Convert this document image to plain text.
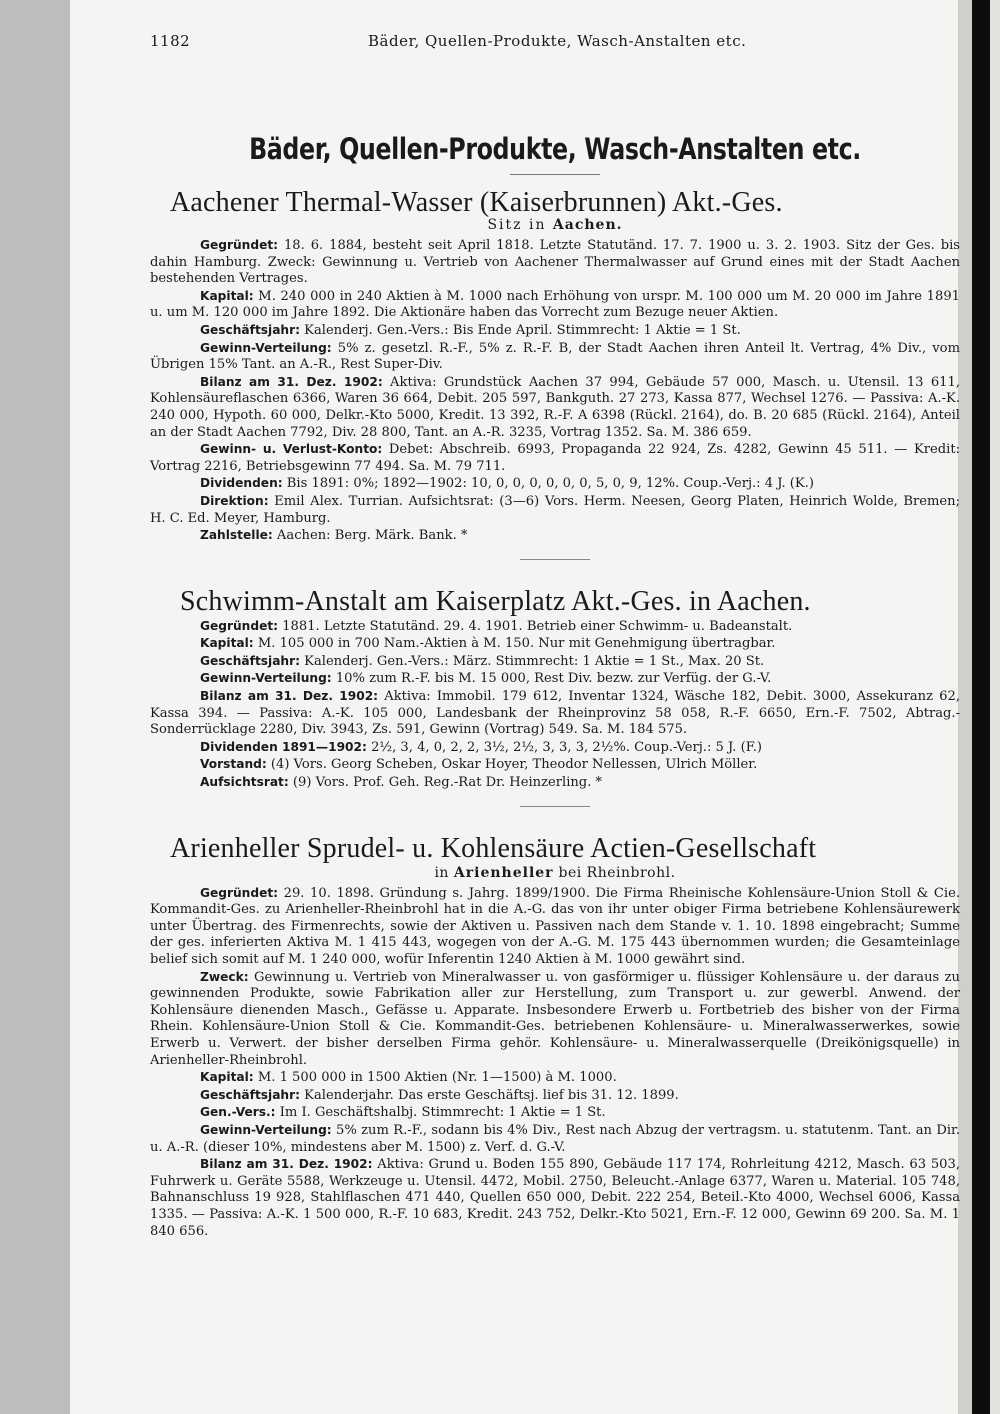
1182	Bäder, Quellen-Produkte, Wasch-Anstalten etc.
Bäder, Quellen-Produkte, Wasch-Anstalten etc.
Aachener Thermal-Wasser (Kaiserbrunnen) Akt.-Ges.
Sitz in Aachen.

Gegründet: 18. 6. 1884, besteht seit April 1818. Letzte Statutänd. 17. 7. 1900 u. 3. 2. 1903. Sitz der Ges. bis dahin Hamburg. Zweck: Gewinnung u. Vertrieb von Aachener Thermalwasser auf Grund eines mit der Stadt Aachen bestehenden Vertrages.

Kapital: M. 240 000 in 240 Aktien à M. 1000 nach Erhöhung von urspr. M. 100 000 um M. 20 000 im Jahre 1891 u. um M. 120 000 im Jahre 1892. Die Aktionäre haben das Vorrecht zum Bezuge neuer Aktien.

Geschäftsjahr: Kalenderj. Gen.-Vers.: Bis Ende April. Stimmrecht: 1 Aktie = 1 St.

Gewinn-Verteilung: 5% z. gesetzl. R.-F., 5% z. R.-F. B, der Stadt Aachen ihren Anteil lt. Vertrag, 4% Div., vom Übrigen 15% Tant. an A.-R., Rest Super-Div.

Bilanz am 31. Dez. 1902: Aktiva: Grundstück Aachen 37 994, Gebäude 57 000, Masch. u. Utensil. 13 611, Kohlensäureflaschen 6366, Waren 36 664, Debit. 205 597, Bankguth. 27 273, Kassa 877, Wechsel 1276. — Passiva: A.-K. 240 000, Hypoth. 60 000, Delkr.-Kto 5000, Kredit. 13 392, R.-F. A 6398 (Rückl. 2164), do. B. 20 685 (Rückl. 2164), Anteil an der Stadt Aachen 7792, Div. 28 800, Tant. an A.-R. 3235, Vortrag 1352. Sa. M. 386 659.

Gewinn- u. Verlust-Konto: Debet: Abschreib. 6993, Propaganda 22 924, Zs. 4282, Gewinn 45 511. — Kredit: Vortrag 2216, Betriebsgewinn 77 494. Sa. M. 79 711.

Dividenden: Bis 1891: 0%; 1892—1902: 10, 0, 0, 0, 0, 0, 0, 5, 0, 9, 12%. Coup.-Verj.: 4 J. (K.)

Direktion: Emil Alex. Turrian. Aufsichtsrat: (3—6) Vors. Herm. Neesen, Georg Platen, Heinrich Wolde, Bremen; H. C. Ed. Meyer, Hamburg.

Zahlstelle: Aachen: Berg. Märk. Bank. *

Schwimm-Anstalt am Kaiserplatz Akt.-Ges. in Aachen.

Gegründet: 1881. Letzte Statutänd. 29. 4. 1901. Betrieb einer Schwimm- u. Badeanstalt.

Kapital: M. 105 000 in 700 Nam.-Aktien à M. 150. Nur mit Genehmigung übertragbar.

Geschäftsjahr: Kalenderj. Gen.-Vers.: März. Stimmrecht: 1 Aktie = 1 St., Max. 20 St.

Gewinn-Verteilung: 10% zum R.-F. bis M. 15 000, Rest Div. bezw. zur Verfüg. der G.-V.

Bilanz am 31. Dez. 1902: Aktiva: Immobil. 179 612, Inventar 1324, Wäsche 182, Debit. 3000, Assekuranz 62, Kassa 394. — Passiva: A.-K. 105 000, Landesbank der Rheinprovinz 58 058, R.-F. 6650, Ern.-F. 7502, Abtrag.-Sonderrücklage 2280, Div. 3943, Zs. 591, Gewinn (Vortrag) 549. Sa. M. 184 575.

Dividenden 1891—1902: 2½, 3, 4, 0, 2, 2, 3½, 2½, 3, 3, 3, 2½%. Coup.-Verj.: 5 J. (F.)

Vorstand: (4) Vors. Georg Scheben, Oskar Hoyer, Theodor Nellessen, Ulrich Möller.

Aufsichtsrat: (9) Vors. Prof. Geh. Reg.-Rat Dr. Heinzerling. *

Arienheller Sprudel- u. Kohlensäure Actien-Gesellschaft
in Arienheller bei Rheinbrohl.

Gegründet: 29. 10. 1898. Gründung s. Jahrg. 1899/1900. Die Firma Rheinische Kohlensäure-Union Stoll & Cie. Kommandit-Ges. zu Arienheller-Rheinbrohl hat in die A.-G. das von ihr unter obiger Firma betriebene Kohlensäurewerk unter Übertrag. des Firmenrechts, sowie der Aktiven u. Passiven nach dem Stande v. 1. 10. 1898 eingebracht; Summe der ges. inferierten Aktiva M. 1 415 443, wogegen von der A.-G. M. 175 443 übernommen wurden; die Gesamteinlage belief sich somit auf M. 1 240 000, wofür Inferentin 1240 Aktien à M. 1000 gewährt sind.

Zweck: Gewinnung u. Vertrieb von Mineralwasser u. von gasförmiger u. flüssiger Kohlensäure u. der daraus zu gewinnenden Produkte, sowie Fabrikation aller zur Herstellung, zum Transport u. zur gewerbl. Anwend. der Kohlensäure dienenden Masch., Gefässe u. Apparate. Insbesondere Erwerb u. Fortbetrieb des bisher von der Firma Rhein. Kohlensäure-Union Stoll & Cie. Kommandit-Ges. betriebenen Kohlensäure- u. Mineralwasserwerkes, sowie Erwerb u. Verwert. der bisher derselben Firma gehör. Kohlensäure- u. Mineralwasserquelle (Dreikönigsquelle) in Arienheller-Rheinbrohl.

Kapital: M. 1 500 000 in 1500 Aktien (Nr. 1—1500) à M. 1000.

Geschäftsjahr: Kalenderjahr. Das erste Geschäftsj. lief bis 31. 12. 1899.

Gen.-Vers.: Im I. Geschäftshalbj. Stimmrecht: 1 Aktie = 1 St.

Gewinn-Verteilung: 5% zum R.-F., sodann bis 4% Div., Rest nach Abzug der vertragsm. u. statutenm. Tant. an Dir. u. A.-R. (dieser 10%, mindestens aber M. 1500) z. Verf. d. G.-V.

Bilanz am 31. Dez. 1902: Aktiva: Grund u. Boden 155 890, Gebäude 117 174, Rohrleitung 4212, Masch. 63 503, Fuhrwerk u. Geräte 5588, Werkzeuge u. Utensil. 4472, Mobil. 2750, Beleucht.-Anlage 6377, Waren u. Material. 105 748, Bahnanschluss 19 928, Stahlflaschen 471 440, Quellen 650 000, Debit. 222 254, Beteil.-Kto 4000, Wechsel 6006, Kassa 1335. — Passiva: A.-K. 1 500 000, R.-F. 10 683, Kredit. 243 752, Delkr.-Kto 5021, Ern.-F. 12 000, Gewinn 69 200. Sa. M. 1 840 656.
